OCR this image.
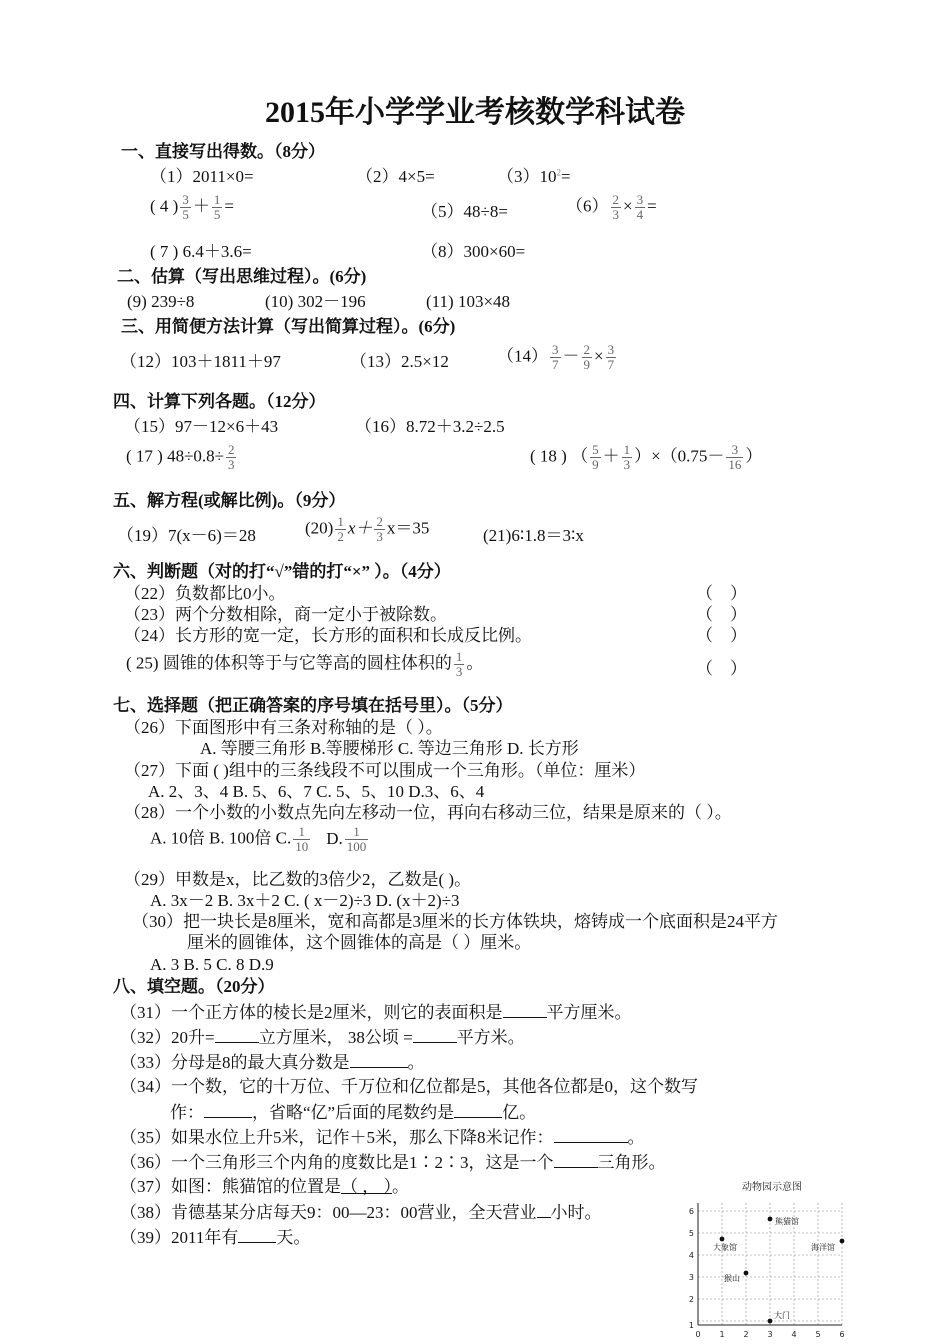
2015年小学学业考核数学科试卷
一、直接写出得数。（8分）
（1）2011×0=	（2）4×5=	$(3)10^2=$
( 4 ) $\frac{3}{5} + \frac{1}{5}$ =	（5）48÷8=	$(6) \frac{2}{3} \times \frac{3}{4}$ =
( 7 ) 6.4＋3.6=	（8）300×60=
二、估算（写出思维过程）。(6分)
(9) 239÷8	(10) 302－196	(11) 103×48
三、用简便方法计算（写出简算过程）。(6分)
（12）103＋1811＋97	（13）2.5×12	$(14) \frac{3}{7} - \frac{2}{9} \times \frac{3}{7}$
四、计算下列各题。（12分）
（15）97－12×6＋43	（16）8.72＋3.2÷2.5
( 17 ) $48\div 0.8\div \frac{2}{3}$	( 18 ) （ $\frac{5}{9} + \frac{1}{3} )\times(0.75- \frac{3}{16}$ ）
五、解方程(或解比例)。（9分）
（19）7(x－6)＝28	$(20) \frac{1}{2} x+ \frac{2}{3} x=35$	(21)6∶1.8＝3∶x
六、判断题（对的打“√”错的打“×” ）。（4分）
（22）负数都比0小。	（　）
（23）两个分数相除，商一定小于被除数。	（　）
（24）长方形的宽一定，长方形的面积和长成反比例。	（　）
( 25) 圆锥的体积等于与它等高的圆柱体积的 $\frac{1}{3}$ 。	（　）
七、选择题（把正确答案的序号填在括号里）。（5分）
（26）下面图形中有三条对称轴的是（ ）。
A. 等腰三角形 B.等腰梯形 C. 等边三角形 D. 长方形
（27）下面 ( )组中的三条线段不可以围成一个三角形。（单位：厘米）
A. 2、3、4 B. 5、6、7 C. 5、5、10 D.3、6、4
（28）一个小数的小数点先向左移动一位，再向右移动三位，结果是原来的（ ）。
A. 10倍 B. 100倍 C. $\frac{1}{10} D$. $\frac{1}{100}$
（29）甲数是x，比乙数的3倍少2，乙数是( )。
A. 3x－2 B. 3x＋2 C. ( x－2)÷3 D. (x＋2)÷3
（30）把一块长是8厘米，宽和高都是3厘米的长方体铁块，熔铸成一个底面积是24平方
厘米的圆锥体，这个圆锥体的高是（ ）厘米。
A. 3 B. 5 C. 8 D.9
八、填空题。（20分）
（31）一个正方体的棱长是2厘米，则它的表面积是	平方厘米。
（32）20升=	立方厘米， 38公顷 =	平方米。
（33）分母是8的最大真分数是	。
（34）一个数，它的十万位、千万位和亿位都是5，其他各位都是0，这个数写
作：	，省略“亿”后面的尾数约是	亿。
（35）如果水位上升5米，记作＋5米，那么下降8米记作：	。
（36）一个三角形三个内角的度数比是1∶2∶3，这是一个	三角形。
（37）如图：熊猫馆的位置是（ ， ）。
（38）肯德基某分店每天9：00—23：00营业，全天营业 小时。
（39）2011年有 天。
动物园示意图
0 1 2 3 4 5 6
1
2
3
4
5
6
熊猫馆
大象馆	海洋馆
猴山
大门
